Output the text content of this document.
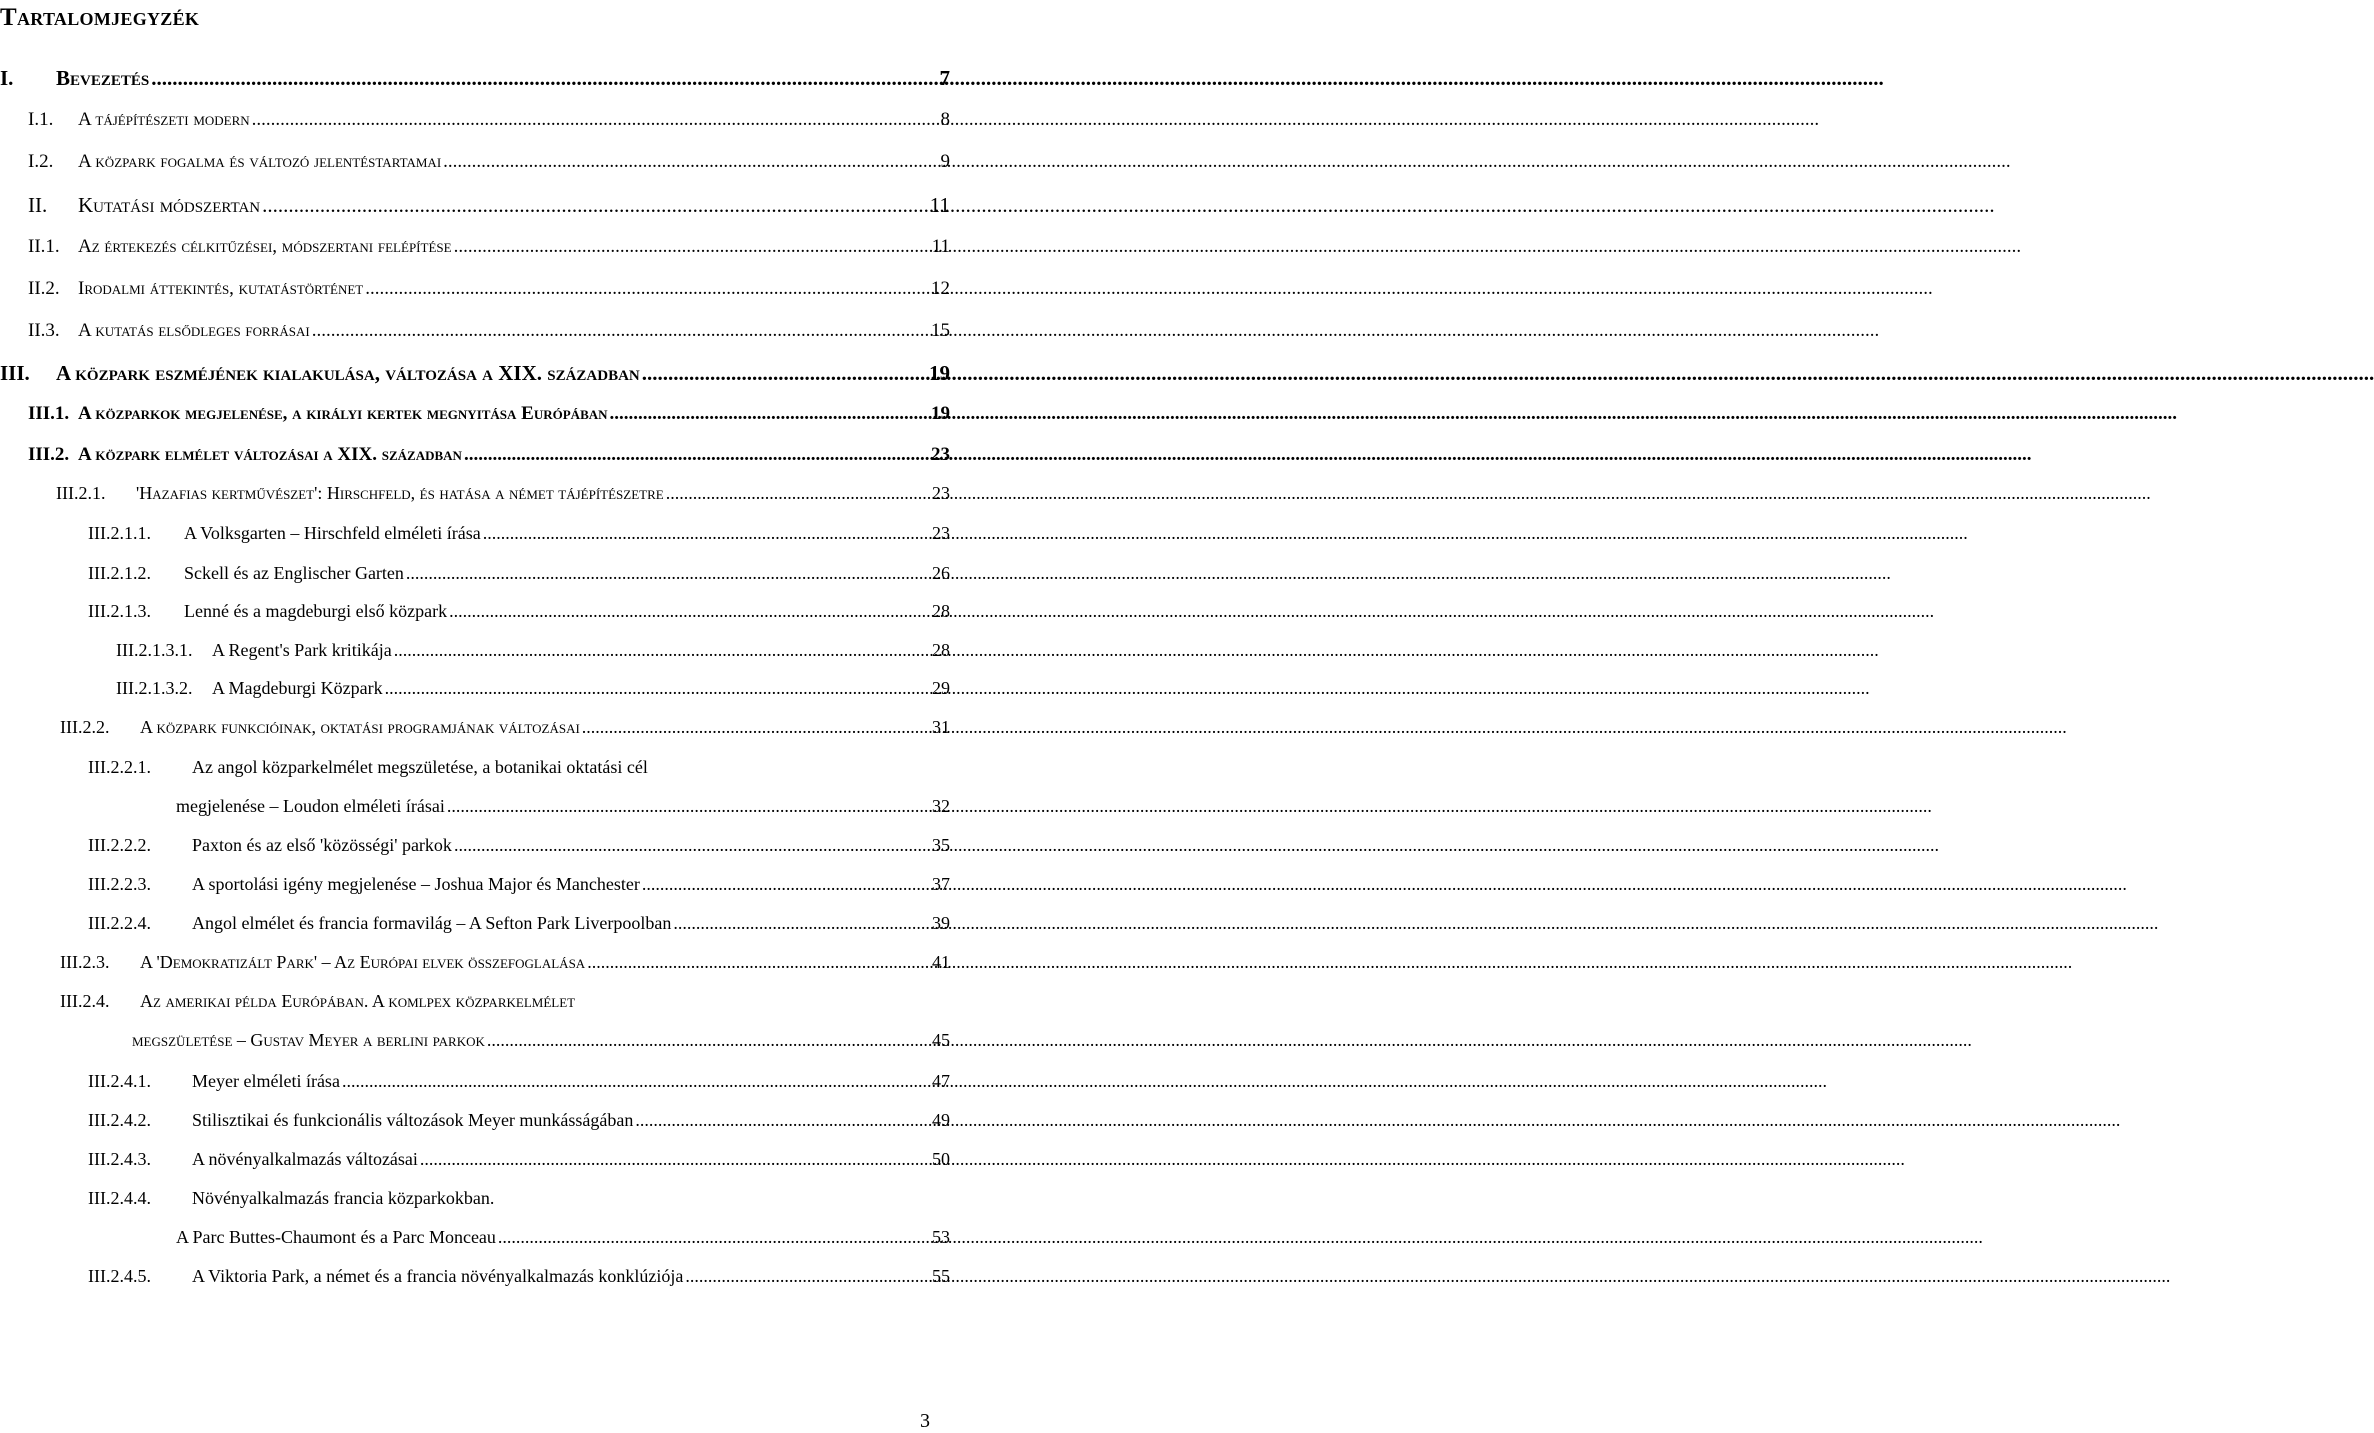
Tartalomjegyzék
I.	Bevezetés .....	7
I.1.	A tájépítészeti modern .....	8
I.2.	A közpark fogalma és változó jelentéstartamai .....	9
II.	Kutatási módszertan .....	11
II.1. Az értekezés célkitűzései, módszertani felépítése .....	11
II.2. Irodalmi áttekintés, kutatástörténet .....	12
II.3. A kutatás elsődleges forrásai .....	15
III.	A közpark eszméjének kialakulása, változása a XIX. században .....	19
III.1. A közparkok megjelenése, a királyi kertek megnyitása Európában .....	19
III.2. A közpark elmélet változásai a XIX. században .....	23
III.2.1.	'Hazafias kertművészet': Hirschfeld, és hatása a német tájépítészetre .....	23
III.2.1.1.	A Volksgarten – Hirschfeld elméleti írása .....	23
III.2.1.2.	Sckell és az Englischer Garten .....	26
III.2.1.3.	Lenné és a magdeburgi első közpark .....	28
III.2.1.3.1.	A Regent's Park kritikája .....	28
III.2.1.3.2.	A Magdeburgi Közpark .....	29
III.2.2.	A közpark funkcióinak, oktatási programjának változásai .....	31
III.2.2.1. Az angol közparkelmélet megszületése, a botanikai oktatási cél
megjelenése – Loudon elméleti írásai .....	32
III.2.2.2.	Paxton és az első 'közösségi' parkok .....	35
III.2.2.3.	A sportolási igény megjelenése – Joshua Major és Manchester .....	37
III.2.2.4.	Angol elmélet és francia formavilág – A Sefton Park Liverpoolban .....	39
III.2.3.	A 'Demokratizált Park' – Az Európai elvek összefoglalása .....	41
III.2.4. Az amerikai példa Európában. A komlpex közparkelmélet
megszületése – Gustav Meyer a berlini parkok .....	45
III.2.4.1.	Meyer elméleti írása .....	47
III.2.4.2.	Stilisztikai és funkcionális változások Meyer munkásságában .....	49
III.2.4.3.	A növényalkalmazás változásai .....	50
III.2.4.4. Növényalkalmazás francia közparkokban.
A Parc Buttes-Chaumont és a Parc Monceau .....	53
III.2.4.5.	A Viktoria Park, a német és a francia növényalkalmazás konklúziója .....	55
3
